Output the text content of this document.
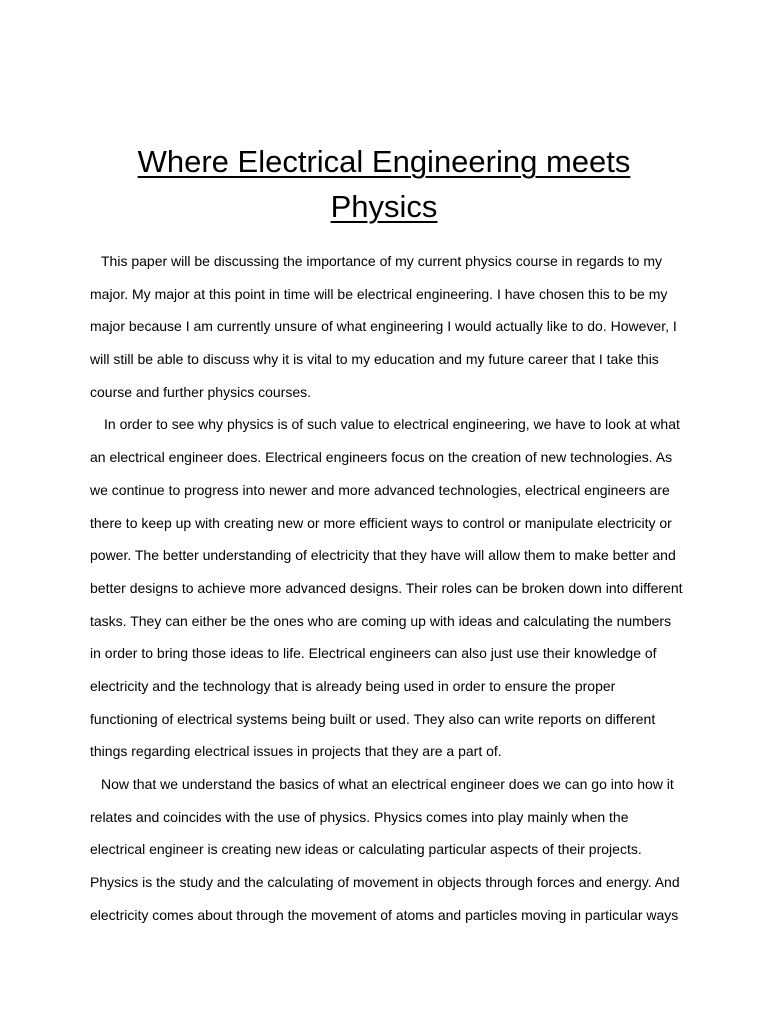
Where Electrical Engineering meets
Physics
This paper will be discussing the importance of my current physics course in regards to my
major. My major at this point in time will be electrical engineering. I have chosen this to be my
major because I am currently unsure of what engineering I would actually like to do. However, I
will still be able to discuss why it is vital to my education and my future career that I take this
course and further physics courses.
In order to see why physics is of such value to electrical engineering, we have to look at what
an electrical engineer does. Electrical engineers focus on the creation of new technologies. As
we continue to progress into newer and more advanced technologies, electrical engineers are
there to keep up with creating new or more efficient ways to control or manipulate electricity or
power. The better understanding of electricity that they have will allow them to make better and
better designs to achieve more advanced designs. Their roles can be broken down into different
tasks. They can either be the ones who are coming up with ideas and calculating the numbers
in order to bring those ideas to life. Electrical engineers can also just use their knowledge of
electricity and the technology that is already being used in order to ensure the proper
functioning of electrical systems being built or used. They also can write reports on different
things regarding electrical issues in projects that they are a part of.
Now that we understand the basics of what an electrical engineer does we can go into how it
relates and coincides with the use of physics. Physics comes into play mainly when the
electrical engineer is creating new ideas or calculating particular aspects of their projects.
Physics is the study and the calculating of movement in objects through forces and energy. And
electricity comes about through the movement of atoms and particles moving in particular ways
